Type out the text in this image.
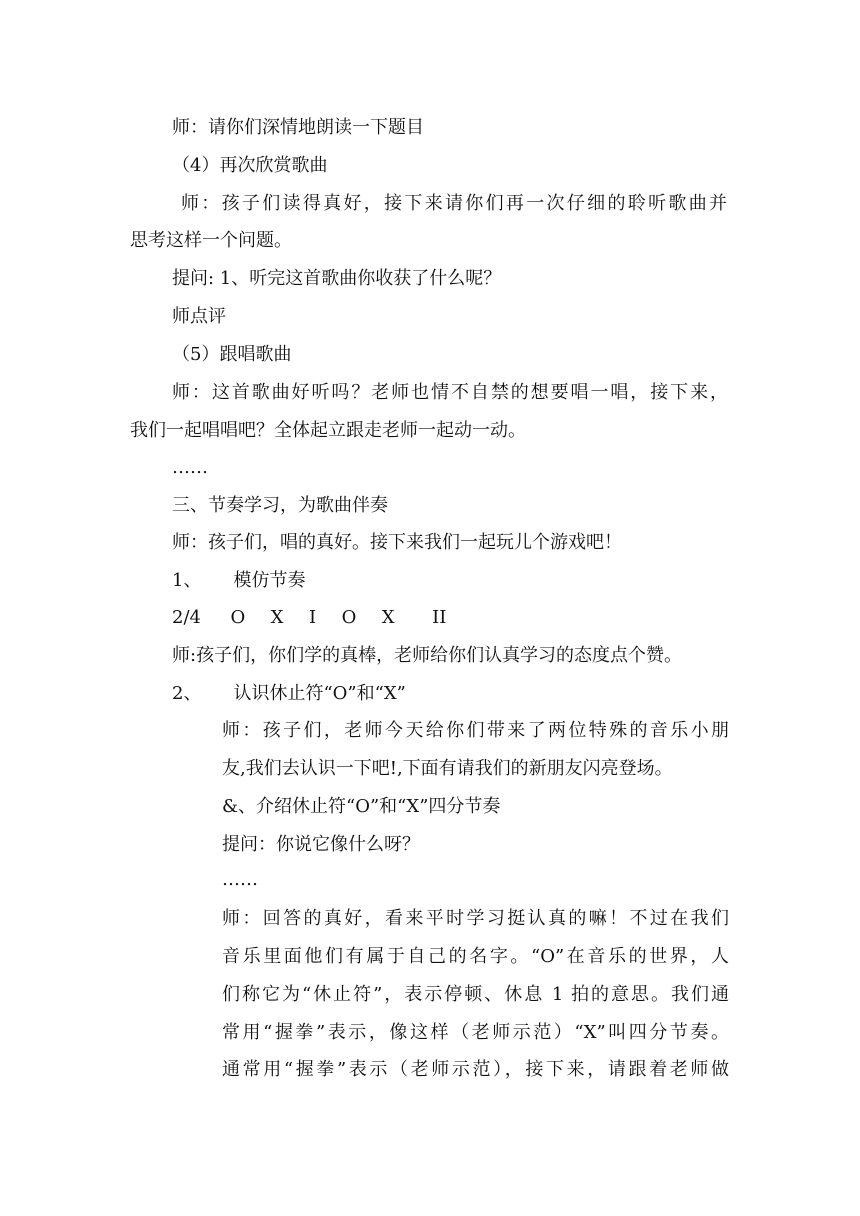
师：请你们深情地朗读一下题目
（4）再次欣赏歌曲
师：孩子们读得真好，接下来请你们再一次仔细的聆听歌曲并
思考这样一个问题。
提问: 1、听完这首歌曲你收获了什么呢？
师点评
（5）跟唱歌曲
师：这首歌曲好听吗？老师也情不自禁的想要唱一唱，接下来，
我们一起唱唱吧？全体起立跟走老师一起动一动。
……
三、节奏学习，为歌曲伴奏
师：孩子们，唱的真好。接下来我们一起玩儿个游戏吧！
1、 模仿节奏
2/4 O X I O X II
师:孩子们，你们学的真棒，老师给你们认真学习的态度点个赞。
2、 认识休止符“O”和“X”
师：孩子们，老师今天给你们带来了两位特殊的音乐小朋
友,我们去认识一下吧!,下面有请我们的新朋友闪亮登场。
&、介绍休止符“O”和“X”四分节奏
提问：你说它像什么呀？
……
师：回答的真好，看来平时学习挺认真的嘛！不过在我们
音乐里面他们有属于自己的名字。“O”在音乐的世界，人
们称它为“休止符”，表示停顿、休息 1 拍的意思。我们通
常用“握拳”表示，像这样（老师示范）“X”叫四分节奏。
通常用“握拳”表示（老师示范），接下来，请跟着老师做
